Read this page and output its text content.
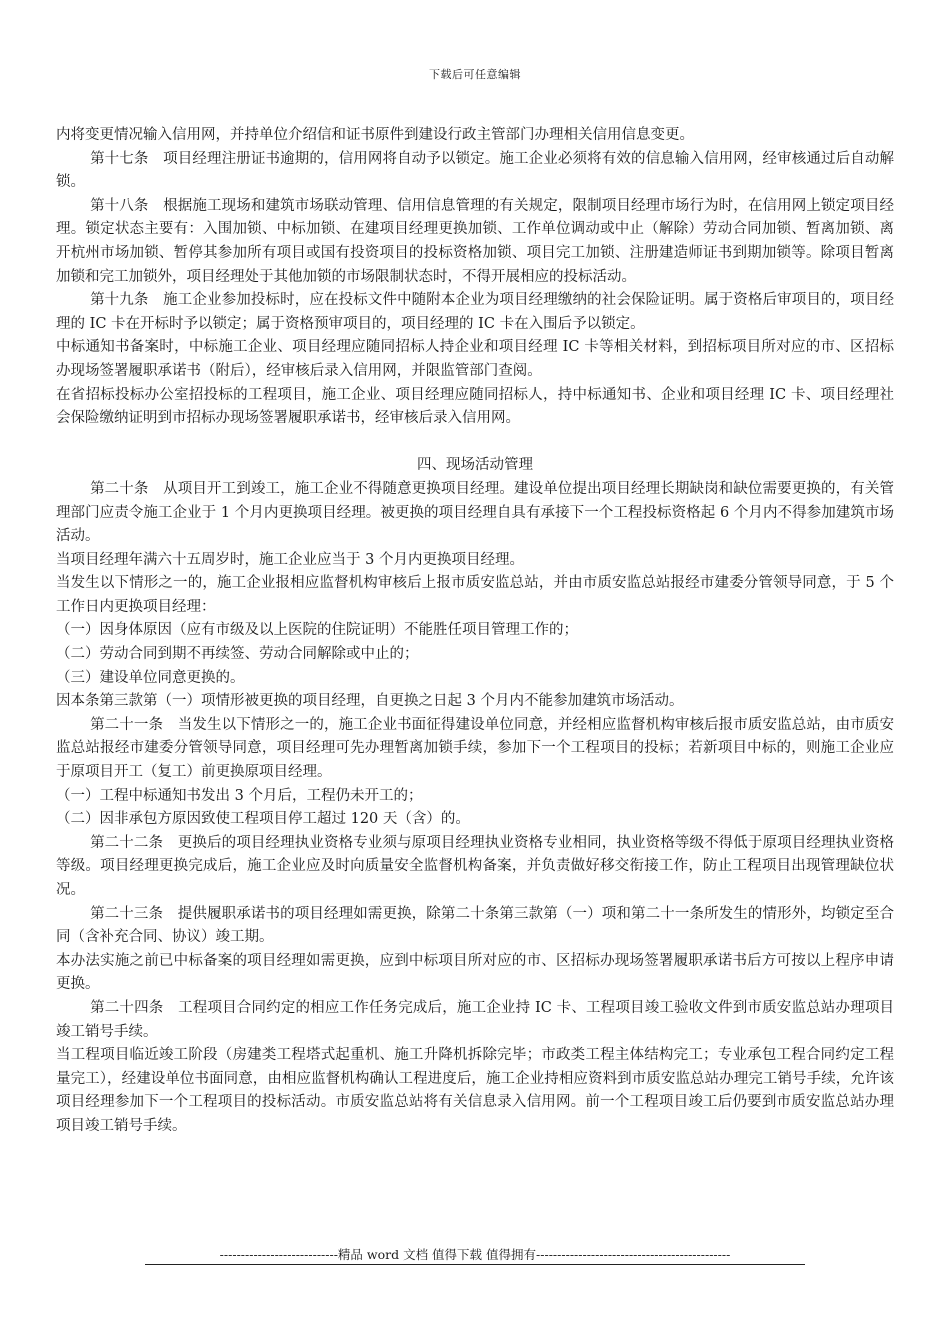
下载后可任意编辑

内将变更情况输入信用网，并持单位介绍信和证书原件到建设行政主管部门办理相关信用信息变更。

第十七条　项目经理注册证书逾期的，信用网将自动予以锁定。施工企业必须将有效的信息输入信用网，经审核通过后自动解锁。

第十八条　根据施工现场和建筑市场联动管理、信用信息管理的有关规定，限制项目经理市场行为时，在信用网上锁定项目经理。锁定状态主要有：入围加锁、中标加锁、在建项目经理更换加锁、工作单位调动或中止（解除）劳动合同加锁、暂离加锁、离开杭州市场加锁、暂停其参加所有项目或国有投资项目的投标资格加锁、项目完工加锁、注册建造师证书到期加锁等。除项目暂离加锁和完工加锁外，项目经理处于其他加锁的市场限制状态时，不得开展相应的投标活动。

第十九条　施工企业参加投标时，应在投标文件中随附本企业为项目经理缴纳的社会保险证明。属于资格后审项目的，项目经理的 IC 卡在开标时予以锁定；属于资格预审项目的，项目经理的 IC 卡在入围后予以锁定。

中标通知书备案时，中标施工企业、项目经理应随同招标人持企业和项目经理 IC 卡等相关材料，到招标项目所对应的市、区招标办现场签署履职承诺书（附后），经审核后录入信用网，并限监管部门查阅。

在省招标投标办公室招投标的工程项目，施工企业、项目经理应随同招标人，持中标通知书、企业和项目经理 IC 卡、项目经理社会保险缴纳证明到市招标办现场签署履职承诺书，经审核后录入信用网。

四、现场活动管理

第二十条　从项目开工到竣工，施工企业不得随意更换项目经理。建设单位提出项目经理长期缺岗和缺位需要更换的，有关管理部门应责令施工企业于 1 个月内更换项目经理。被更换的项目经理自具有承接下一个工程投标资格起 6 个月内不得参加建筑市场活动。

当项目经理年满六十五周岁时，施工企业应当于 3 个月内更换项目经理。

当发生以下情形之一的，施工企业报相应监督机构审核后上报市质安监总站，并由市质安监总站报经市建委分管领导同意，于 5 个工作日内更换项目经理：

（一）因身体原因（应有市级及以上医院的住院证明）不能胜任项目管理工作的；

（二）劳动合同到期不再续签、劳动合同解除或中止的；

（三）建设单位同意更换的。

因本条第三款第（一）项情形被更换的项目经理，自更换之日起 3 个月内不能参加建筑市场活动。

第二十一条　当发生以下情形之一的，施工企业书面征得建设单位同意，并经相应监督机构审核后报市质安监总站，由市质安监总站报经市建委分管领导同意，项目经理可先办理暂离加锁手续，参加下一个工程项目的投标；若新项目中标的，则施工企业应于原项目开工（复工）前更换原项目经理。

（一）工程中标通知书发出 3 个月后，工程仍未开工的；

（二）因非承包方原因致使工程项目停工超过 120 天（含）的。

第二十二条　更换后的项目经理执业资格专业须与原项目经理执业资格专业相同，执业资格等级不得低于原项目经理执业资格等级。项目经理更换完成后，施工企业应及时向质量安全监督机构备案，并负责做好移交衔接工作，防止工程项目出现管理缺位状况。

第二十三条　提供履职承诺书的项目经理如需更换，除第二十条第三款第（一）项和第二十一条所发生的情形外，均锁定至合同（含补充合同、协议）竣工期。

本办法实施之前已中标备案的项目经理如需更换，应到中标项目所对应的市、区招标办现场签署履职承诺书后方可按以上程序申请更换。

第二十四条　工程项目合同约定的相应工作任务完成后，施工企业持 IC 卡、工程项目竣工验收文件到市质安监总站办理项目竣工销号手续。

当工程项目临近竣工阶段（房建类工程塔式起重机、施工升降机拆除完毕；市政类工程主体结构完工；专业承包工程合同约定工程量完工），经建设单位书面同意，由相应监督机构确认工程进度后，施工企业持相应资料到市质安监总站办理完工销号手续，允许该项目经理参加下一个工程项目的投标活动。市质安监总站将有关信息录入信用网。前一个工程项目竣工后仍要到市质安监总站办理项目竣工销号手续。

----------------------------精品 word 文档 值得下载 值得拥有----------------------------------------------
